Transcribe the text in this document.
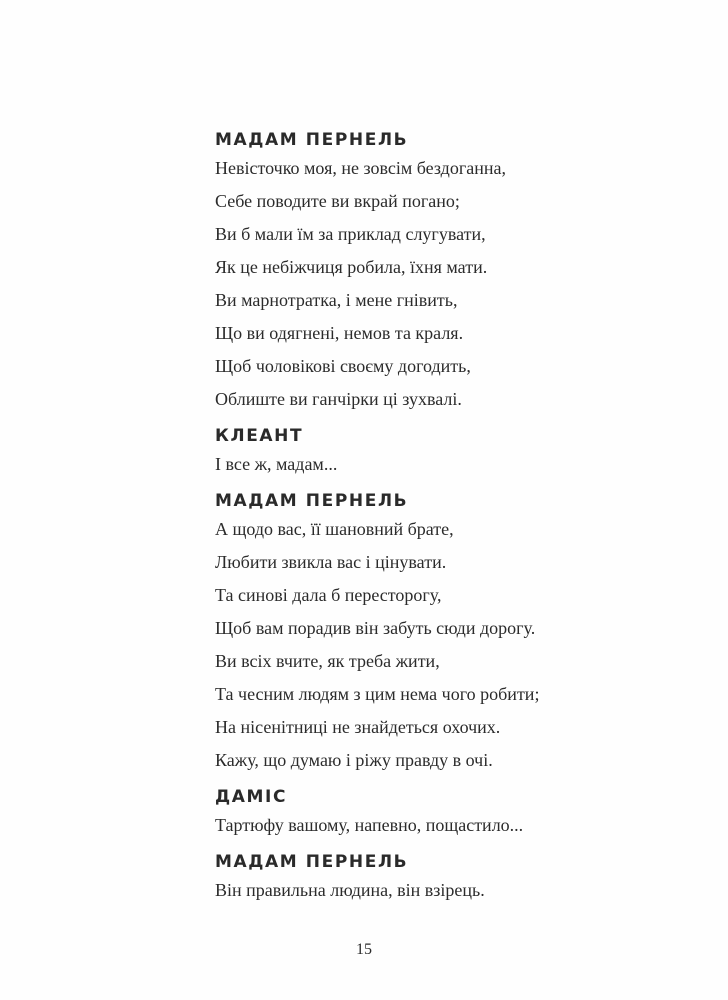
МАДАМ ПЕРНЕЛЬ
Невісточко моя, не зовсім бездоганна,
Себе поводите ви вкрай погано;
Ви б мали їм за приклад слугувати,
Як це небіжчиця робила, їхня мати.
Ви марнотратка, і мене гнівить,
Що ви одягнені, немов та краля.
Щоб чоловікові своєму догодить,
Облиште ви ганчірки ці зухвалі.
КЛЕАНТ
І все ж, мадам...
МАДАМ ПЕРНЕЛЬ
А щодо вас, її шановний брате,
Любити звикла вас і цінувати.
Та синові дала б пересторогу,
Щоб вам порадив він забуть сюди дорогу.
Ви всіх вчите, як треба жити,
Та чесним людям з цим нема чого робити;
На нісенітниці не знайдеться охочих.
Кажу, що думаю і ріжу правду в очі.
ДАМІС
Тартюфу вашому, напевно, пощастило...
МАДАМ ПЕРНЕЛЬ
Він правильна людина, він взірець.
15
